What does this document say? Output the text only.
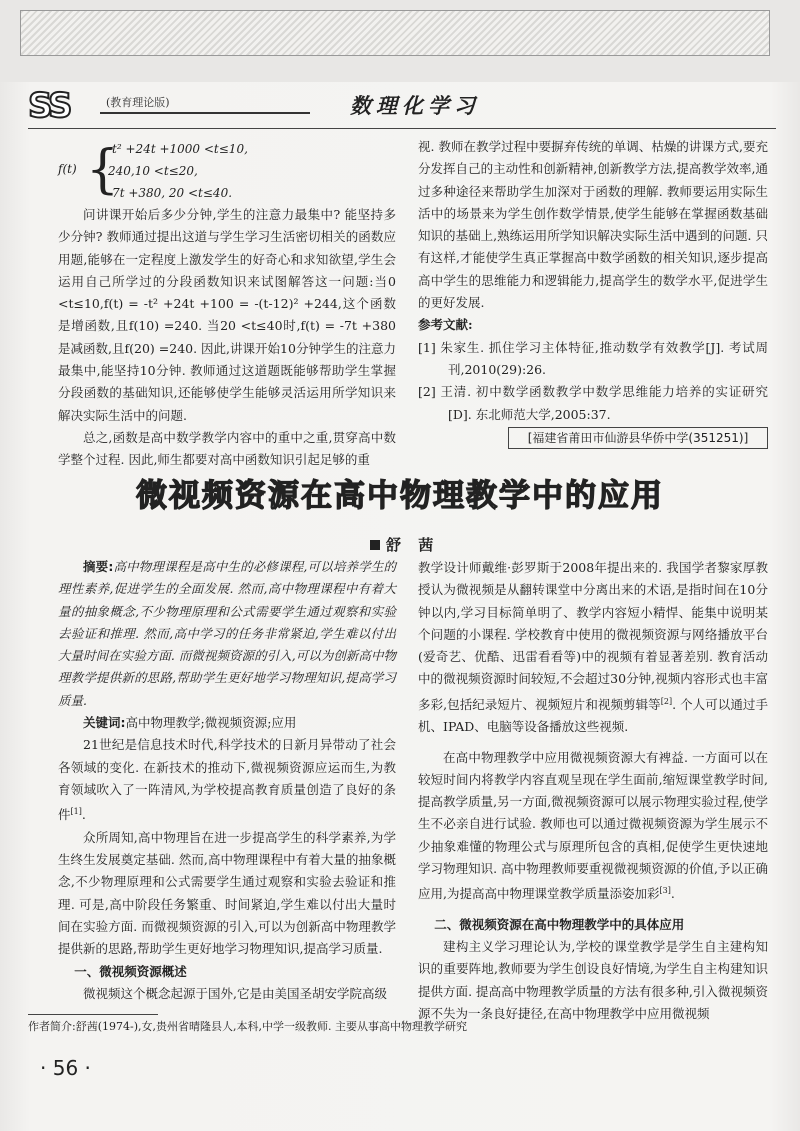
SS	(教育理论版)	数理化学习
f(t) {
-t² +24t +1000 <t≤10,
240,10 <t≤20,
-7t +380, 20 <t≤40.

问讲课开始后多少分钟,学生的注意力最集中? 能坚持多少分钟? 教师通过提出这道与学生学习生活密切相关的函数应用题,能够在一定程度上激发学生的好奇心和求知欲望,学生会运用自己所学过的分段函数知识来试图解答这一问题:当0 <t≤10,f(t) = -t² +24t +100 = -(t-12)² +244,这个函数是增函数,且f(10) =240. 当20 <t≤40时,f(t) = -7t +380是减函数,且f(20) =240. 因此,讲课开始10分钟学生的注意力最集中,能坚持10分钟. 教师通过这道题既能够帮助学生掌握分段函数的基础知识,还能够使学生能够灵活运用所学知识来解决实际生活中的问题.

总之,函数是高中数学教学内容中的重中之重,贯穿高中数学整个过程. 因此,师生都要对高中函数知识引起足够的重

视. 教师在教学过程中要摒弃传统的单调、枯燥的讲课方式,要充分发挥自己的主动性和创新精神,创新教学方法,提高教学效率,通过多种途径来帮助学生加深对于函数的理解. 教师要运用实际生活中的场景来为学生创作数学情景,使学生能够在掌握函数基础知识的基础上,熟练运用所学知识解决实际生活中遇到的问题. 只有这样,才能使学生真正掌握高中数学函数的相关知识,逐步提高高中学生的思维能力和逻辑能力,提高学生的数学水平,促进学生的更好发展.

参考文献:

[1] 朱家生. 抓住学习主体特征,推动数学有效教学[J]. 考试周刊,2010(29):26.

[2] 王清. 初中数学函数教学中数学思维能力培养的实证研究[D]. 东北师范大学,2005:37.

[福建省莆田市仙游县华侨中学(351251)]
微视频资源在高中物理教学中的应用
舒 茜

摘要:高中物理课程是高中生的必修课程,可以培养学生的理性素养,促进学生的全面发展. 然而,高中物理课程中有着大量的抽象概念,不少物理原理和公式需要学生通过观察和实验去验证和推理. 然而,高中学习的任务非常紧迫,学生难以付出大量时间在实验方面. 而微视频资源的引入,可以为创新高中物理教学提供新的思路,帮助学生更好地学习物理知识,提高学习质量.

关键词:高中物理教学;微视频资源;应用

21世纪是信息技术时代,科学技术的日新月异带动了社会各领域的变化. 在新技术的推动下,微视频资源应运而生,为教育领域吹入了一阵清风,为学校提高教育质量创造了良好的条件[1].

众所周知,高中物理旨在进一步提高学生的科学素养,为学生终生发展奠定基础. 然而,高中物理课程中有着大量的抽象概念,不少物理原理和公式需要学生通过观察和实验去验证和推理. 可是,高中阶段任务繁重、时间紧迫,学生难以付出大量时间在实验方面. 而微视频资源的引入,可以为创新高中物理教学提供新的思路,帮助学生更好地学习物理知识,提高学习质量.

一、微视频资源概述

微视频这个概念起源于国外,它是由美国圣胡安学院高级

教学设计师戴维·彭罗斯于2008年提出来的. 我国学者黎家厚教授认为微视频是从翻转课堂中分离出来的术语,是指时间在10分钟以内,学习目标简单明了、教学内容短小精悍、能集中说明某个问题的小课程. 学校教育中使用的微视频资源与网络播放平台(爱奇艺、优酷、迅雷看看等)中的视频有着显著差别. 教育活动中的微视频资源时间较短,不会超过30分钟,视频内容形式也丰富多彩,包括纪录短片、视频短片和视频剪辑等[2]. 个人可以通过手机、IPAD、电脑等设备播放这些视频.

在高中物理教学中应用微视频资源大有裨益. 一方面可以在较短时间内将教学内容直观呈现在学生面前,缩短课堂教学时间,提高教学质量,另一方面,微视频资源可以展示物理实验过程,使学生不必亲自进行试验. 教师也可以通过微视频资源为学生展示不少抽象难懂的物理公式与原理所包含的真相,促使学生更快速地学习物理知识. 高中物理教师要重视微视频资源的价值,予以正确应用,为提高高中物理课堂教学质量添姿加彩[3].

二、微视频资源在高中物理教学中的具体应用

建构主义学习理论认为,学校的课堂教学是学生自主建构知识的重要阵地,教师要为学生创设良好情境,为学生自主构建知识提供方面. 提高高中物理教学质量的方法有很多种,引入微视频资源不失为一条良好捷径,在高中物理教学中应用微视频

作者简介:舒茜(1974-),女,贵州省晴隆县人,本科,中学一级教师. 主要从事高中物理教学研究
· 56 ·
